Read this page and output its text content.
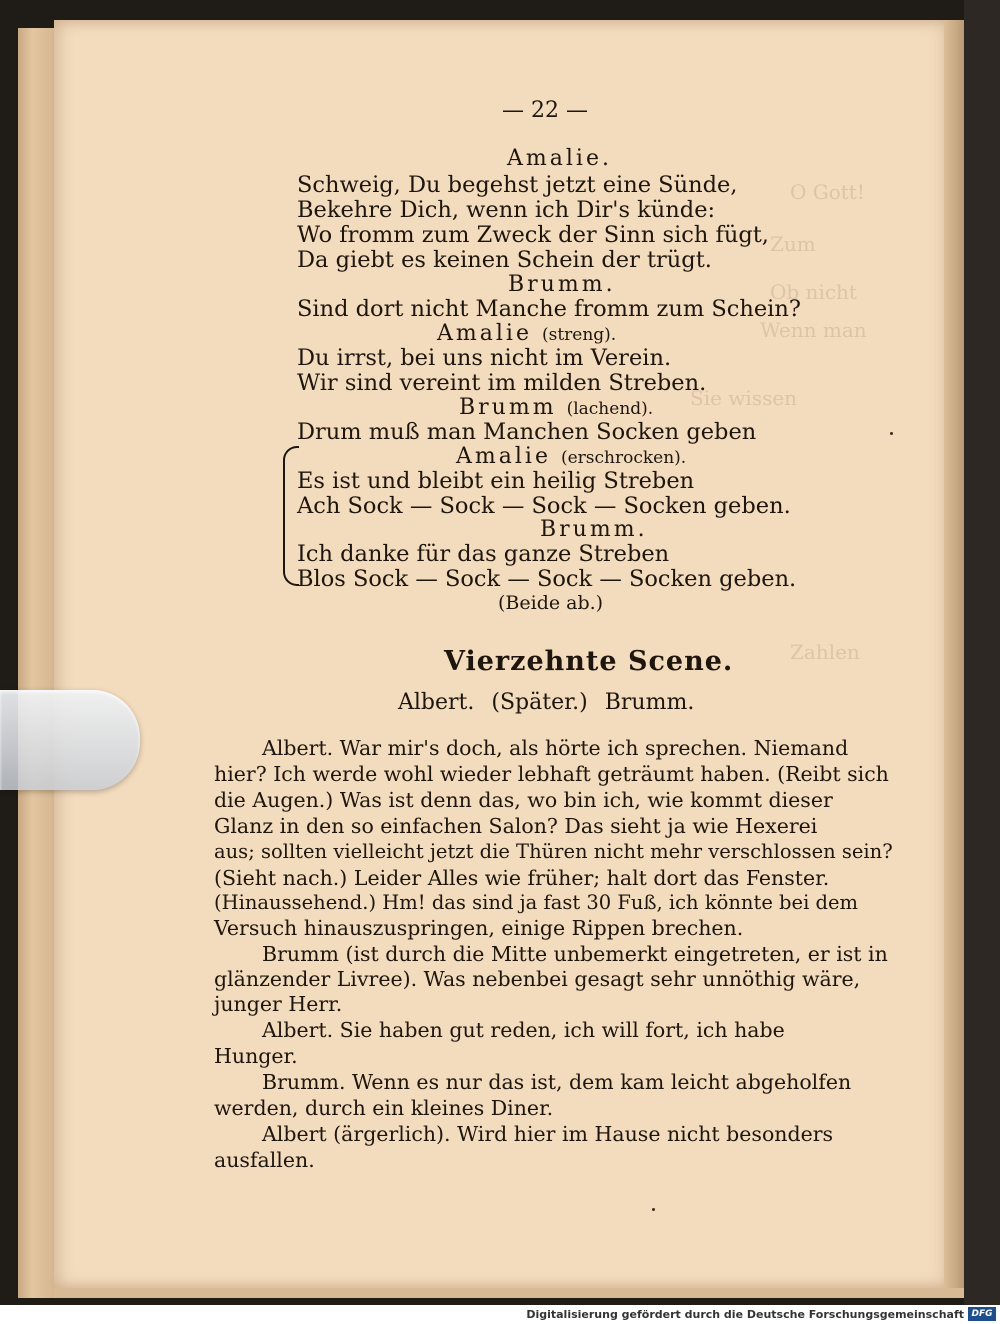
O Gott!
Zum
Ob nicht
Wenn man
Sie wissen
Zahlen
— 22 —
Amalie.
Schweig, Du begehst jetzt eine Sünde,
Bekehre Dich, wenn ich Dir's künde:
Wo fromm zum Zweck der Sinn sich fügt,
Da giebt es keinen Schein der trügt.
Brumm.
Sind dort nicht Manche fromm zum Schein?
Amalie (streng).
Du irrst, bei uns nicht im Verein.
Wir sind vereint im milden Streben.
Brumm (lachend).
Drum muß man Manchen Socken geben
Amalie (erschrocken).
Es ist und bleibt ein heilig Streben
Ach Sock — Sock — Sock — Socken geben.
Brumm.
Ich danke für das ganze Streben
Blos Sock — Sock — Sock — Socken geben.
(Beide ab.)
Vierzehnte Scene.
Albert. (Später.) Brumm.
Albert. War mir's doch, als hörte ich sprechen. Niemand
hier? Ich werde wohl wieder lebhaft geträumt haben. (Reibt sich
die Augen.) Was ist denn das, wo bin ich, wie kommt dieser
Glanz in den so einfachen Salon? Das sieht ja wie Hexerei
aus; sollten vielleicht jetzt die Thüren nicht mehr verschlossen sein?
(Sieht nach.) Leider Alles wie früher; halt dort das Fenster.
(Hinaussehend.) Hm! das sind ja fast 30 Fuß, ich könnte bei dem
Versuch hinauszuspringen, einige Rippen brechen.
Brumm (ist durch die Mitte unbemerkt eingetreten, er ist in
glänzender Livree). Was nebenbei gesagt sehr unnöthig wäre,
junger Herr.
Albert. Sie haben gut reden, ich will fort, ich habe
Hunger.
Brumm. Wenn es nur das ist, dem kam leicht abgeholfen
werden, durch ein kleines Diner.
Albert (ärgerlich). Wird hier im Hause nicht besonders
ausfallen.
Digitalisierung gefördert durch die Deutsche Forschungsgemeinschaft DFG
